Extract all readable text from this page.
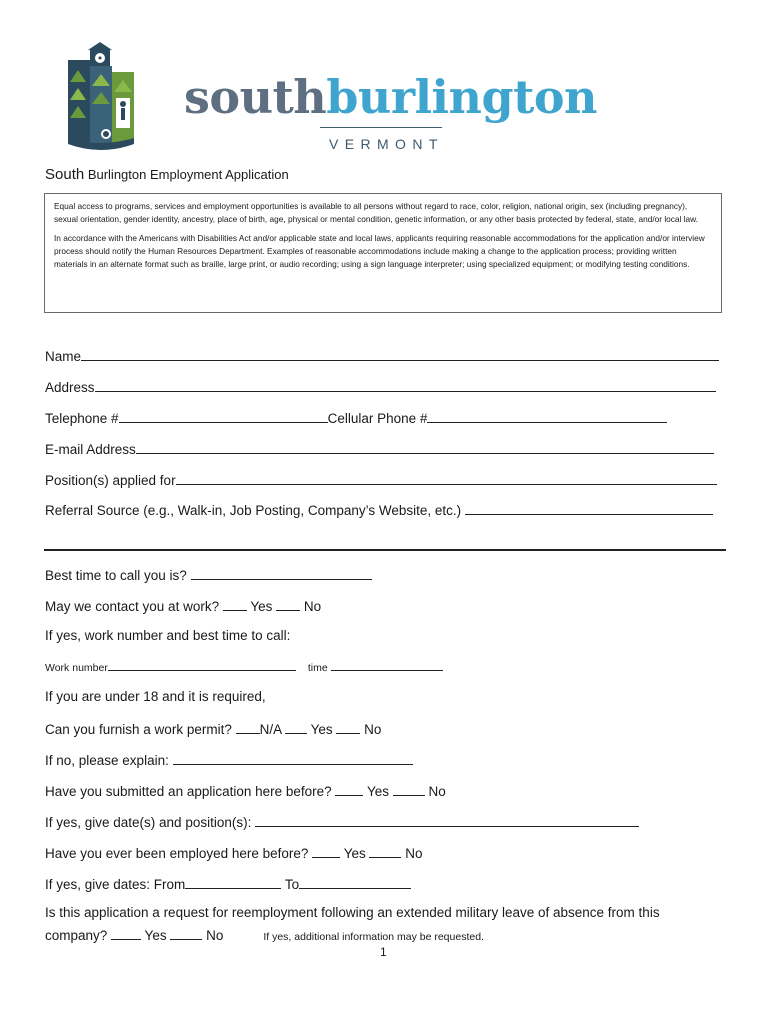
southburlington
VERMONT
South Burlington Employment Application

Equal access to programs, services and employment opportunities is available to all persons without regard to race, color, religion, national origin, sex (including pregnancy), sexual orientation, gender identity, ancestry, place of birth, age, physical or mental condition, genetic information, or any other basis protected by federal, state, and/or local law.

In accordance with the Americans with Disabilities Act and/or applicable state and local laws, applicants requiring reasonable accommodations for the application and/or interview process should notify the Human Resources Department. Examples of reasonable accommodations include making a change to the application process; providing written materials in an alternate format such as braille, large print, or audio recording; using a sign language interpreter; using specialized equipment; or modifying testing conditions.

Name
Address
Telephone #	Cellular Phone #
E-mail Address
Position(s) applied for
Referral Source (e.g., Walk-in, Job Posting, Company’s Website, etc.)
Best time to call you is?
May we contact you at work?  Yes  No
If yes, work number and best time to call:
Work number	time
If you are under 18 and it is required,
Can you furnish a work permit? N/A  Yes  No
If no, please explain:
Have you submitted an application here before?  Yes  No
If yes, give date(s) and position(s):
Have you ever been employed here before?  Yes  No
If yes, give dates: From	To
Is this application a request for reemployment following an extended military leave of absence from this
company?  Yes  No	If yes, additional information may be requested.
1
